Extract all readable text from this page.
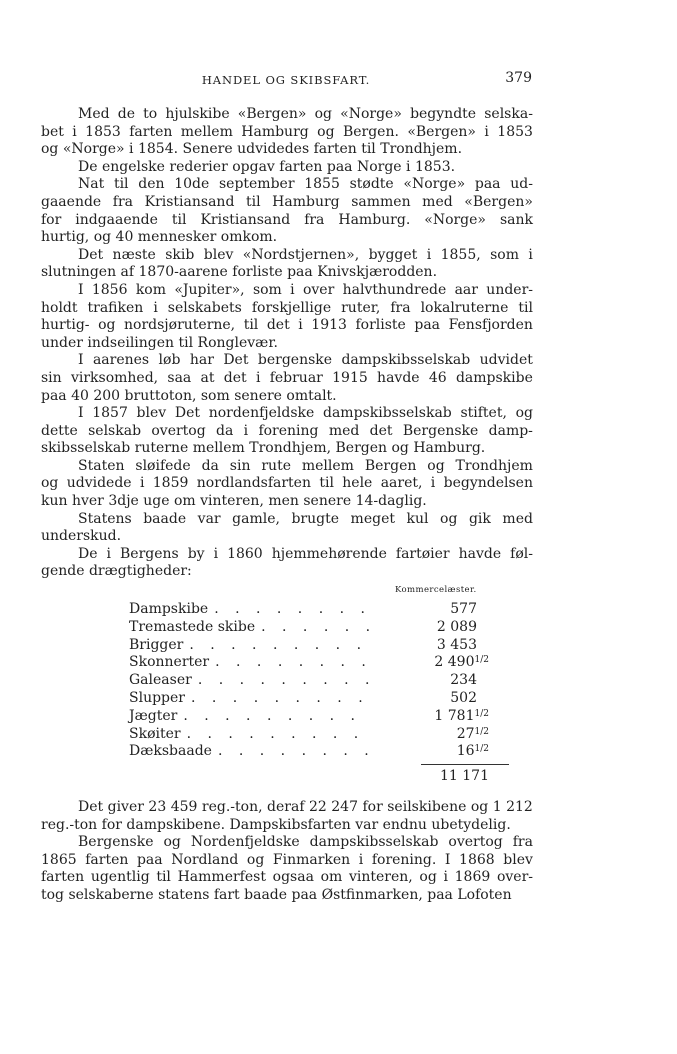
HANDEL OG SKIBSFART.	379
Med de to hjulskibe «Bergen» og «Norge» begyndte selska-
bet i 1853 farten mellem Hamburg og Bergen. «Bergen» i 1853
og «Norge» i 1854. Senere udvidedes farten til Trondhjem.
De engelske rederier opgav farten paa Norge i 1853.
Nat til den 10de september 1855 stødte «Norge» paa ud-
gaaende fra Kristiansand til Hamburg sammen med «Bergen»
for indgaaende til Kristiansand fra Hamburg. «Norge» sank
hurtig, og 40 mennesker omkom.
Det næste skib blev «Nordstjernen», bygget i 1855, som i
slutningen af 1870-aarene forliste paa Knivskjærodden.
I 1856 kom «Jupiter», som i over halvthundrede aar under-
holdt trafiken i selskabets forskjellige ruter, fra lokalruterne til
hurtig- og nordsjøruterne, til det i 1913 forliste paa Fensfjorden
under indseilingen til Ronglevær.
I aarenes løb har Det bergenske dampskibsselskab udvidet
sin virksomhed, saa at det i februar 1915 havde 46 dampskibe
paa 40 200 bruttoton, som senere omtalt.
I 1857 blev Det nordenfjeldske dampskibsselskab stiftet, og
dette selskab overtog da i forening med det Bergenske damp-
skibsselskab ruterne mellem Trondhjem, Bergen og Hamburg.
Staten sløifede da sin rute mellem Bergen og Trondhjem
og udvidede i 1859 nordlandsfarten til hele aaret, i begyndelsen
kun hver 3dje uge om vinteren, men senere 14-daglig.
Statens baade var gamle, brugte meget kul og gik med
underskud.
De i Bergens by i 1860 hjemmehørende fartøier havde føl-
gende drægtigheder:
Kommercelæster.
Dampskibe . . . . . . . .	577
Tremastede skibe . . . . . .	2 089
Brigger . . . . . . . . .	3 453
Skonnerter . . . . . . . .	2 $490^{1/2}$
Galeaser . . . . . . . . .	234
Slupper . . . . . . . . .	502
Jægter . . . . . . . . .	1 $781^{1/2}$
Skøiter . . . . . . . . .	$27^{1/2}$
Dæksbaade . . . . . . . .	$16^{1/2}$
11 171
Det giver 23 459 reg.-ton, deraf 22 247 for seilskibene og 1 212
reg.-ton for dampskibene. Dampskibsfarten var endnu ubetydelig.
Bergenske og Nordenfjeldske dampskibsselskab overtog fra
1865 farten paa Nordland og Finmarken i forening. I 1868 blev
farten ugentlig til Hammerfest ogsaa om vinteren, og i 1869 over-
tog selskaberne statens fart baade paa Østfinmarken, paa Lofoten
